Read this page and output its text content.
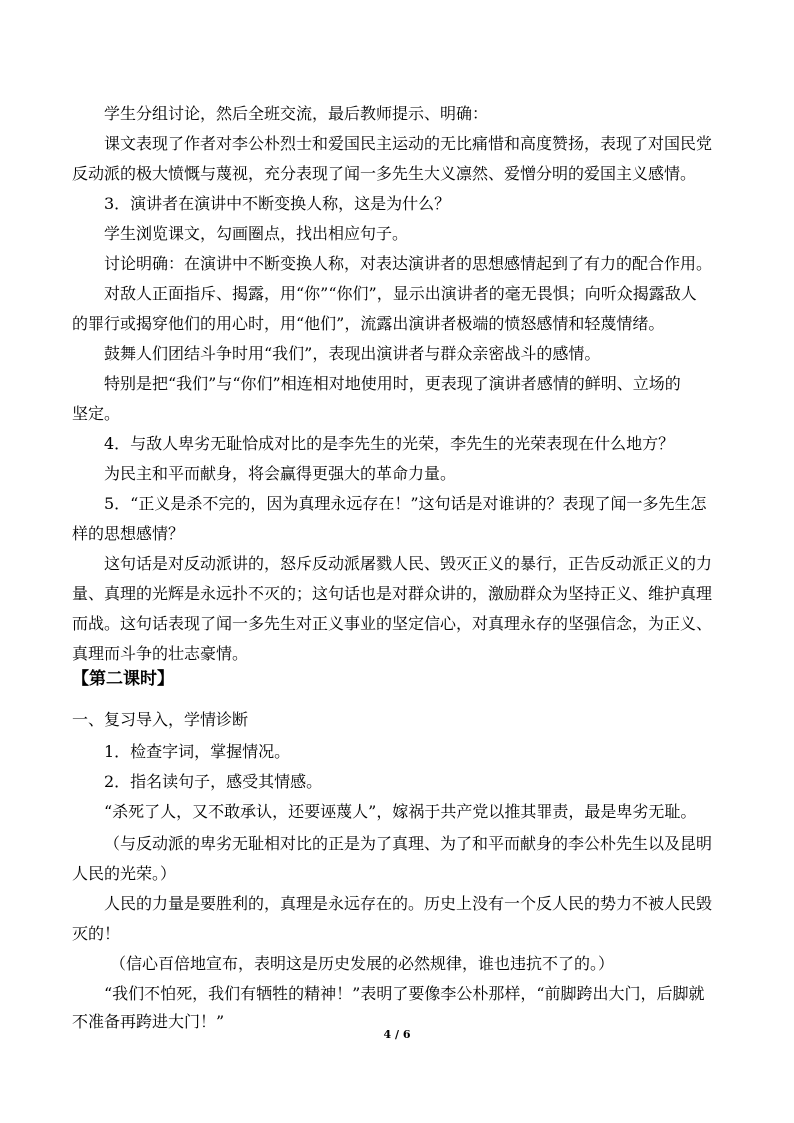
学生分组讨论，然后全班交流，最后教师提示、明确：
课文表现了作者对李公朴烈士和爱国民主运动的无比痛惜和高度赞扬，表现了对国民党
反动派的极大愤慨与蔑视，充分表现了闻一多先生大义凛然、爱憎分明的爱国主义感情。
3．演讲者在演讲中不断变换人称，这是为什么？
学生浏览课文，勾画圈点，找出相应句子。
讨论明确：在演讲中不断变换人称，对表达演讲者的思想感情起到了有力的配合作用。
对敌人正面指斥、揭露，用“你”“你们”，显示出演讲者的毫无畏惧；向听众揭露敌人
的罪行或揭穿他们的用心时，用“他们”，流露出演讲者极端的愤怒感情和轻蔑情绪。
鼓舞人们团结斗争时用“我们”，表现出演讲者与群众亲密战斗的感情。
特别是把“我们”与“你们”相连相对地使用时，更表现了演讲者感情的鲜明、立场的
坚定。
4．与敌人卑劣无耻恰成对比的是李先生的光荣，李先生的光荣表现在什么地方？
为民主和平而献身，将会赢得更强大的革命力量。
5．“正义是杀不完的，因为真理永远存在！”这句话是对谁讲的？表现了闻一多先生怎
样的思想感情？
这句话是对反动派讲的，怒斥反动派屠戮人民、毁灭正义的暴行，正告反动派正义的力
量、真理的光辉是永远扑不灭的；这句话也是对群众讲的，激励群众为坚持正义、维护真理
而战。这句话表现了闻一多先生对正义事业的坚定信心，对真理永存的坚强信念，为正义、
真理而斗争的壮志豪情。
【第二课时】
一、复习导入，学情诊断
1．检查字词，掌握情况。
2．指名读句子，感受其情感。
“杀死了人，又不敢承认，还要诬蔑人”，嫁祸于共产党以推其罪责，最是卑劣无耻。
（与反动派的卑劣无耻相对比的正是为了真理、为了和平而献身的李公朴先生以及昆明
人民的光荣。）
人民的力量是要胜利的，真理是永远存在的。历史上没有一个反人民的势力不被人民毁
灭的！
（信心百倍地宣布，表明这是历史发展的必然规律，谁也违抗不了的。）
“我们不怕死，我们有牺牲的精神！”表明了要像李公朴那样，“前脚跨出大门，后脚就
不准备再跨进大门！”
4 / 6
